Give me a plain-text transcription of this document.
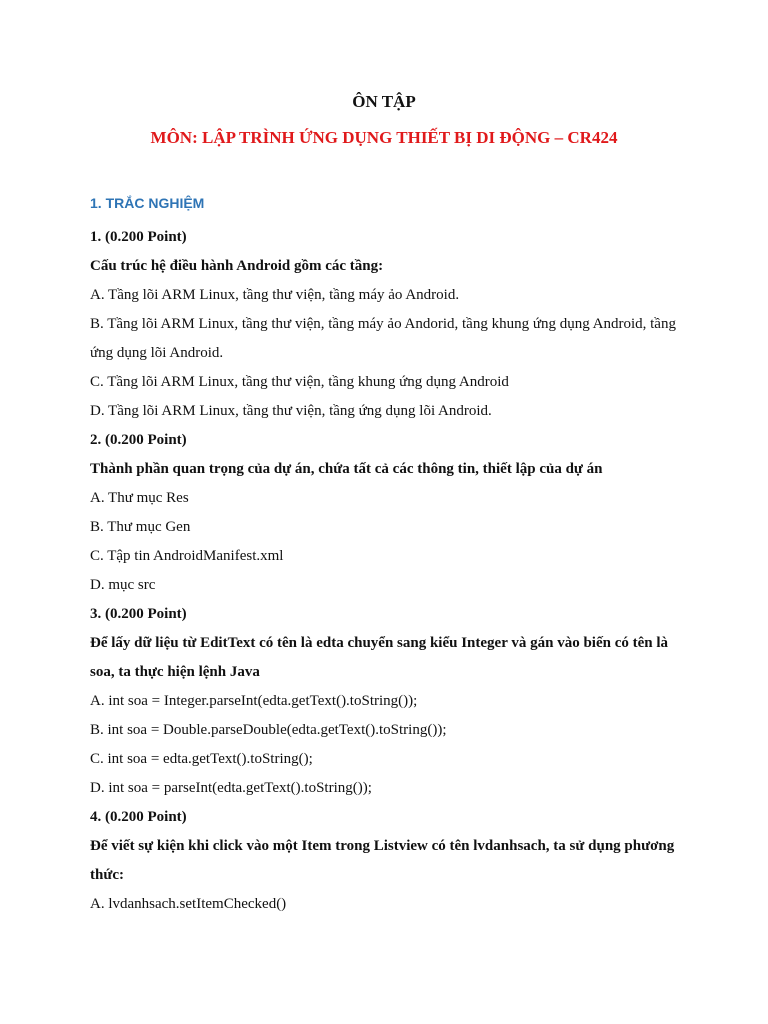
ÔN TẬP

MÔN: LẬP TRÌNH ỨNG DỤNG THIẾT BỊ DI ĐỘNG – CR424

1. TRẮC NGHIỆM

1. (0.200 Point)

Cấu trúc hệ điều hành Android gồm các tầng:

A. Tầng lõi ARM Linux, tầng thư viện, tầng máy ảo Android.

B. Tầng lõi ARM Linux, tầng thư viện, tầng máy ảo Andorid, tầng khung ứng dụng Android, tầng ứng dụng lõi Android.

C. Tầng lõi ARM Linux, tầng thư viện, tầng khung ứng dụng Android

D. Tầng lõi ARM Linux, tầng thư viện, tầng ứng dụng lõi Android.

2. (0.200 Point)

Thành phần quan trọng của dự án, chứa tất cả các thông tin, thiết lập của dự án

A. Thư mục Res

B. Thư mục Gen

C. Tập tin AndroidManifest.xml

D. mục src

3. (0.200 Point)

Để lấy dữ liệu từ EditText có tên là edta chuyển sang kiểu Integer và gán vào biến có tên là soa, ta thực hiện lệnh Java

A. int soa = Integer.parseInt(edta.getText().toString());

B. int soa = Double.parseDouble(edta.getText().toString());

C. int soa = edta.getText().toString();

D. int soa = parseInt(edta.getText().toString());

4. (0.200 Point)

Để viết sự kiện khi click vào một Item trong Listview có tên lvdanhsach, ta sử dụng phương thức:

A. lvdanhsach.setItemChecked()
